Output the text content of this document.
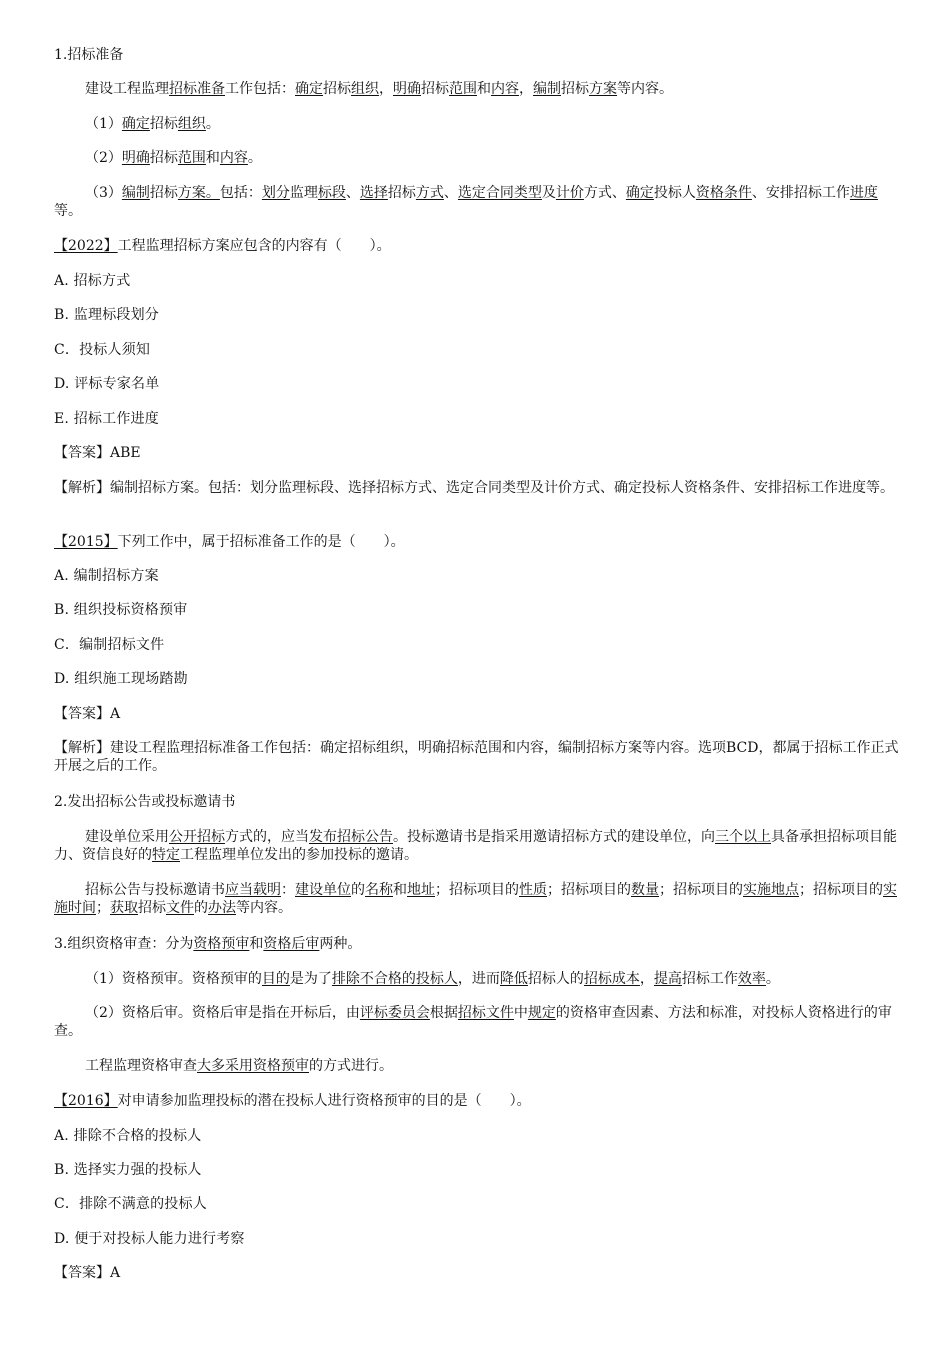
1.招标准备
建设工程监理招标准备工作包括：确定招标组织，明确招标范围和内容，编制招标方案等内容。
（1）确定招标组织。
（2）明确招标范围和内容。
（3）编制招标方案。包括：划分监理标段、选择招标方式、选定合同类型及计价方式、确定投标人资格条件、安排招标工作进度等。
【2022】工程监理招标方案应包含的内容有（　　）。
A. 招标方式
B. 监理标段划分
C．投标人须知
D. 评标专家名单
E. 招标工作进度
【答案】ABE
【解析】编制招标方案。包括：划分监理标段、选择招标方式、选定合同类型及计价方式、确定投标人资格条件、安排招标工作进度等。
【2015】下列工作中，属于招标准备工作的是（　　）。
A. 编制招标方案
B. 组织投标资格预审
C．编制招标文件
D. 组织施工现场踏勘
【答案】A
【解析】建设工程监理招标准备工作包括：确定招标组织，明确招标范围和内容，编制招标方案等内容。选项BCD，都属于招标工作正式开展之后的工作。
2.发出招标公告或投标邀请书
建设单位采用公开招标方式的，应当发布招标公告。投标邀请书是指采用邀请招标方式的建设单位，向三个以上具备承担招标项目能力、资信良好的特定工程监理单位发出的参加投标的邀请。
招标公告与投标邀请书应当载明：建设单位的名称和地址；招标项目的性质；招标项目的数量；招标项目的实施地点；招标项目的实施时间；获取招标文件的办法等内容。
3.组织资格审查：分为资格预审和资格后审两种。
（1）资格预审。资格预审的目的是为了排除不合格的投标人，进而降低招标人的招标成本，提高招标工作效率。
（2）资格后审。资格后审是指在开标后，由评标委员会根据招标文件中规定的资格审查因素、方法和标准，对投标人资格进行的审查。
工程监理资格审查大多采用资格预审的方式进行。
【2016】对申请参加监理投标的潜在投标人进行资格预审的目的是（　　）。
A. 排除不合格的投标人
B. 选择实力强的投标人
C．排除不满意的投标人
D. 便于对投标人能力进行考察
【答案】A
